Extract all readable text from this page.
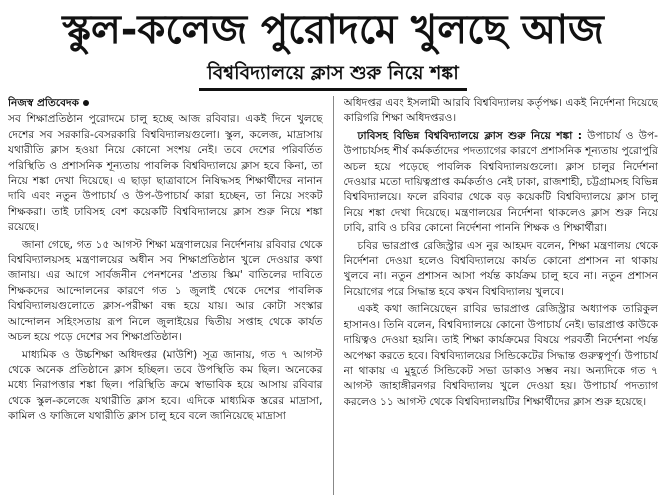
স্কুল-কলেজ পুরোদমে খুলছে আজ
বিশ্ববিদ্যালয়ে ক্লাস শুরু নিয়ে শঙ্কা
নিজস্ব প্রতিবেদক

সব শিক্ষাপ্রতিষ্ঠান পুরোদমে চালু হচ্ছে আজ রবিবার। একই দিনে খুলছে দেশের সব সরকারি-বেসরকারি বিশ্ববিদ্যালয়গুলো। স্কুল, কলেজ, মাদ্রাসায় যথারীতি ক্লাস হওয়া নিয়ে কোনো সংশয় নেই। তবে দেশের পরিবর্তিত পরিস্থিতি ও প্রশাসনিক শূন্যতায় পাবলিক বিশ্ববিদ্যালয়ে ক্লাস হবে কিনা, তা নিয়ে শঙ্কা দেখা দিয়েছে। এ ছাড়া ছাত্রাবাসে নিষিদ্ধসহ শিক্ষার্থীদের নানান দাবি এবং নতুন উপাচার্য ও উপ-উপাচার্য কারা হচ্ছেন, তা নিয়ে সংকট শিক্ষকরা। তাই ঢাবিসহ বেশ কয়েকটি বিশ্ববিদ্যালয়ে ক্লাস শুরু নিয়ে শঙ্কা রয়েছে।

জানা গেছে, গত ১৫ আগস্ট শিক্ষা মন্ত্রণালয়ের নির্দেশনায় রবিবার থেকে বিশ্ববিদ্যালয়সহ মন্ত্রণালয়ের অধীন সব শিক্ষাপ্রতিষ্ঠান খুলে দেওয়ার কথা জানায়। এর আগে সার্বজনীন পেনশনের 'প্রত্যয় স্কিম' বাতিলের দাবিতে শিক্ষকদের আন্দোলনের কারণে গত ১ জুলাই থেকে দেশের পাবলিক বিশ্ববিদ্যালয়গুলোতে ক্লাস-পরীক্ষা বন্ধ হয়ে যায়। আর কোটা সংস্কার আন্দোলন সহিংসতায় রূপ নিলে জুলাইয়ের দ্বিতীয় সপ্তাহ থেকে কার্যত অচল হয়ে পড়ে দেশের সব শিক্ষাপ্রতিষ্ঠান।

মাধ্যমিক ও উচ্চশিক্ষা অধিদপ্তর (মাউশি) সূত্র জানায়, গত ৭ আগস্ট থেকে অনেক প্রতিষ্ঠানে ক্লাস হচ্ছিল। তবে উপস্থিতি কম ছিল। অনেকের মধ্যে নিরাপত্তার শঙ্কা ছিল। পরিস্থিতি ক্রমে স্বাভাবিক হয়ে আসায় রবিবার থেকে স্কুল-কলেজে যথারীতি ক্লাস হবে। এদিকে মাধ্যমিক স্তরের মাদ্রাসা, কামিল ও ফাজিলে যথারীতি ক্লাস চালু হবে বলে জানিয়েছে মাদ্রাসা

অধিদপ্তর এবং ইসলামী আরবি বিশ্ববিদ্যালয় কর্তৃপক্ষ। একই নির্দেশনা দিয়েছে কারিগরি শিক্ষা অধিদপ্তরও।

ঢাবিসহ বিভিন্ন বিশ্ববিদ্যালয়ে ক্লাস শুরু নিয়ে শঙ্কা : উপাচার্য ও উপ-উপাচার্যসহ শীর্ষ কর্মকর্তাদের পদত্যাগের কারণে প্রশাসনিক শূন্যতায় পুরোপুরি অচল হয়ে পড়েছে পাবলিক বিশ্ববিদ্যালয়গুলো। ক্লাস চালুর নির্দেশনা দেওয়ার মতো দায়িত্বপ্রাপ্ত কর্মকর্তাও নেই ঢাকা, রাজশাহী, চট্টগ্রামসহ বিভিন্ন বিশ্ববিদ্যালয়ে। ফলে রবিবার থেকে বড় কয়েকটি বিশ্ববিদ্যালয়ে ক্লাস চালু নিয়ে শঙ্কা দেখা দিয়েছে। মন্ত্রণালয়ের নির্দেশনা থাকলেও ক্লাস শুরু নিয়ে ঢাবি, রাবি ও চবির কোনো নির্দেশনা পাননি শিক্ষক ও শিক্ষার্থীরা।

চবির ভারপ্রাপ্ত রেজিস্ট্রার এস নুর আহমদ বলেন, শিক্ষা মন্ত্রণালয় থেকে নির্দেশনা দেওয়া হলেও বিশ্ববিদ্যালয়ে কার্যত কোনো প্রশাসন না থাকায় খুলবে না। নতুন প্রশাসন আসা পর্যন্ত কার্যক্রম চালু হবে না। নতুন প্রশাসন নিয়োগের পরে সিদ্ধান্ত হবে কখন বিশ্ববিদ্যালয় খুলবে।

একই কথা জানিয়েছেন রাবির ভারপ্রাপ্ত রেজিস্ট্রার অধ্যাপক তারিকুল হাসানও। তিনি বলেন, বিশ্ববিদ্যালয়ে কোনো উপাচার্য নেই। ভারপ্রাপ্ত কাউকে দায়িত্বও দেওয়া হয়নি। তাই শিক্ষা কার্যক্রমের বিষয়ে পরবর্তী নির্দেশনা পর্যন্ত অপেক্ষা করতে হবে। বিশ্ববিদ্যালয়ের সিন্ডিকেটের সিদ্ধান্ত গুরুত্বপূর্ণ। উপাচার্য না থাকায় এ মুহূর্তে সিন্ডিকেট সভা ডাকাও সম্ভব নয়। অন্যদিকে গত ৭ আগস্ট জাহাঙ্গীরনগর বিশ্ববিদ্যালয় খুলে দেওয়া হয়। উপাচার্য পদত্যাগ করলেও ১১ আগস্ট থেকে বিশ্ববিদ্যালয়টির শিক্ষার্থীদের ক্লাস শুরু হয়েছে।
